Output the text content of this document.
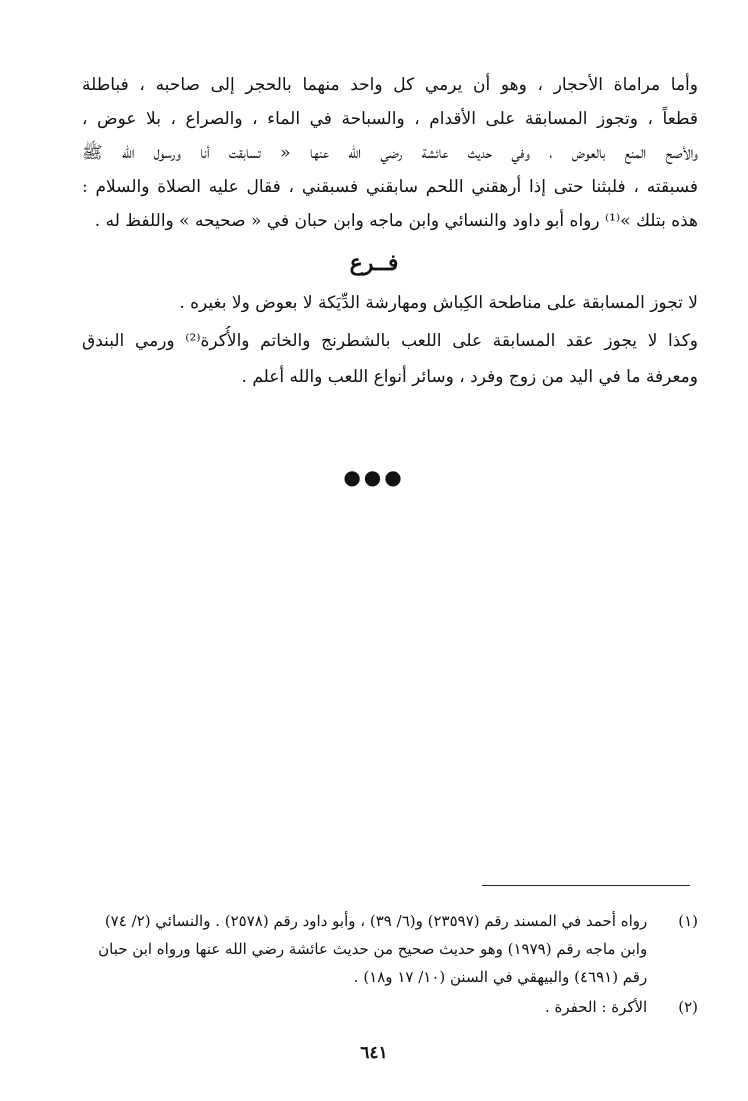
وأما مراماة الأحجار ، وهو أن يرمي كل واحد منهما بالحجر إلى صاحبه ، فباطلة
قطعاً ، وتجوز المسابقة على الأقدام ، والسباحة في الماء ، والصراع ، بلا عوض ،
والأصح المنع بالعوض ، وفي حديث عائشة رضي الله عنها « تسابقت أنا ورسول الله ﷺ
فسبقته ، فلبثنا حتى إذا أرهقني اللحم سابقني فسبقني ، فقال عليه الصلاة والسلام :
هذه بتلك »⁽¹⁾ رواه أبو داود والنسائي وابن ماجه وابن حبان في « صحيحه » واللفظ له .
فــرع
لا تجوز المسابقة على مناطحة الكِباش ومهارشة الدِّيَكة لا بعوض ولا بغيره .
وكذا لا يجوز عقد المسابقة على اللعب بالشطرنج والخاتم والأُكرة⁽²⁾ ورمي البندق
ومعرفة ما في اليد من زوج وفرد ، وسائر أنواع اللعب والله أعلم .
●●●
(١) رواه أحمد في المسند رقم (٢٣٥٩٧) و(٦/ ٣٩) ، وأبو داود رقم (٢٥٧٨) . والنسائي (٢/ ٧٤)
وابن ماجه رقم (١٩٧٩) وهو حديث صحيح من حديث عائشة رضي الله عنها ورواه ابن حبان
رقم (٤٦٩١) والبيهقي في السنن (١٠/ ١٧ و١٨) .
(٢) الأكرة : الحفرة .
٦٤١
